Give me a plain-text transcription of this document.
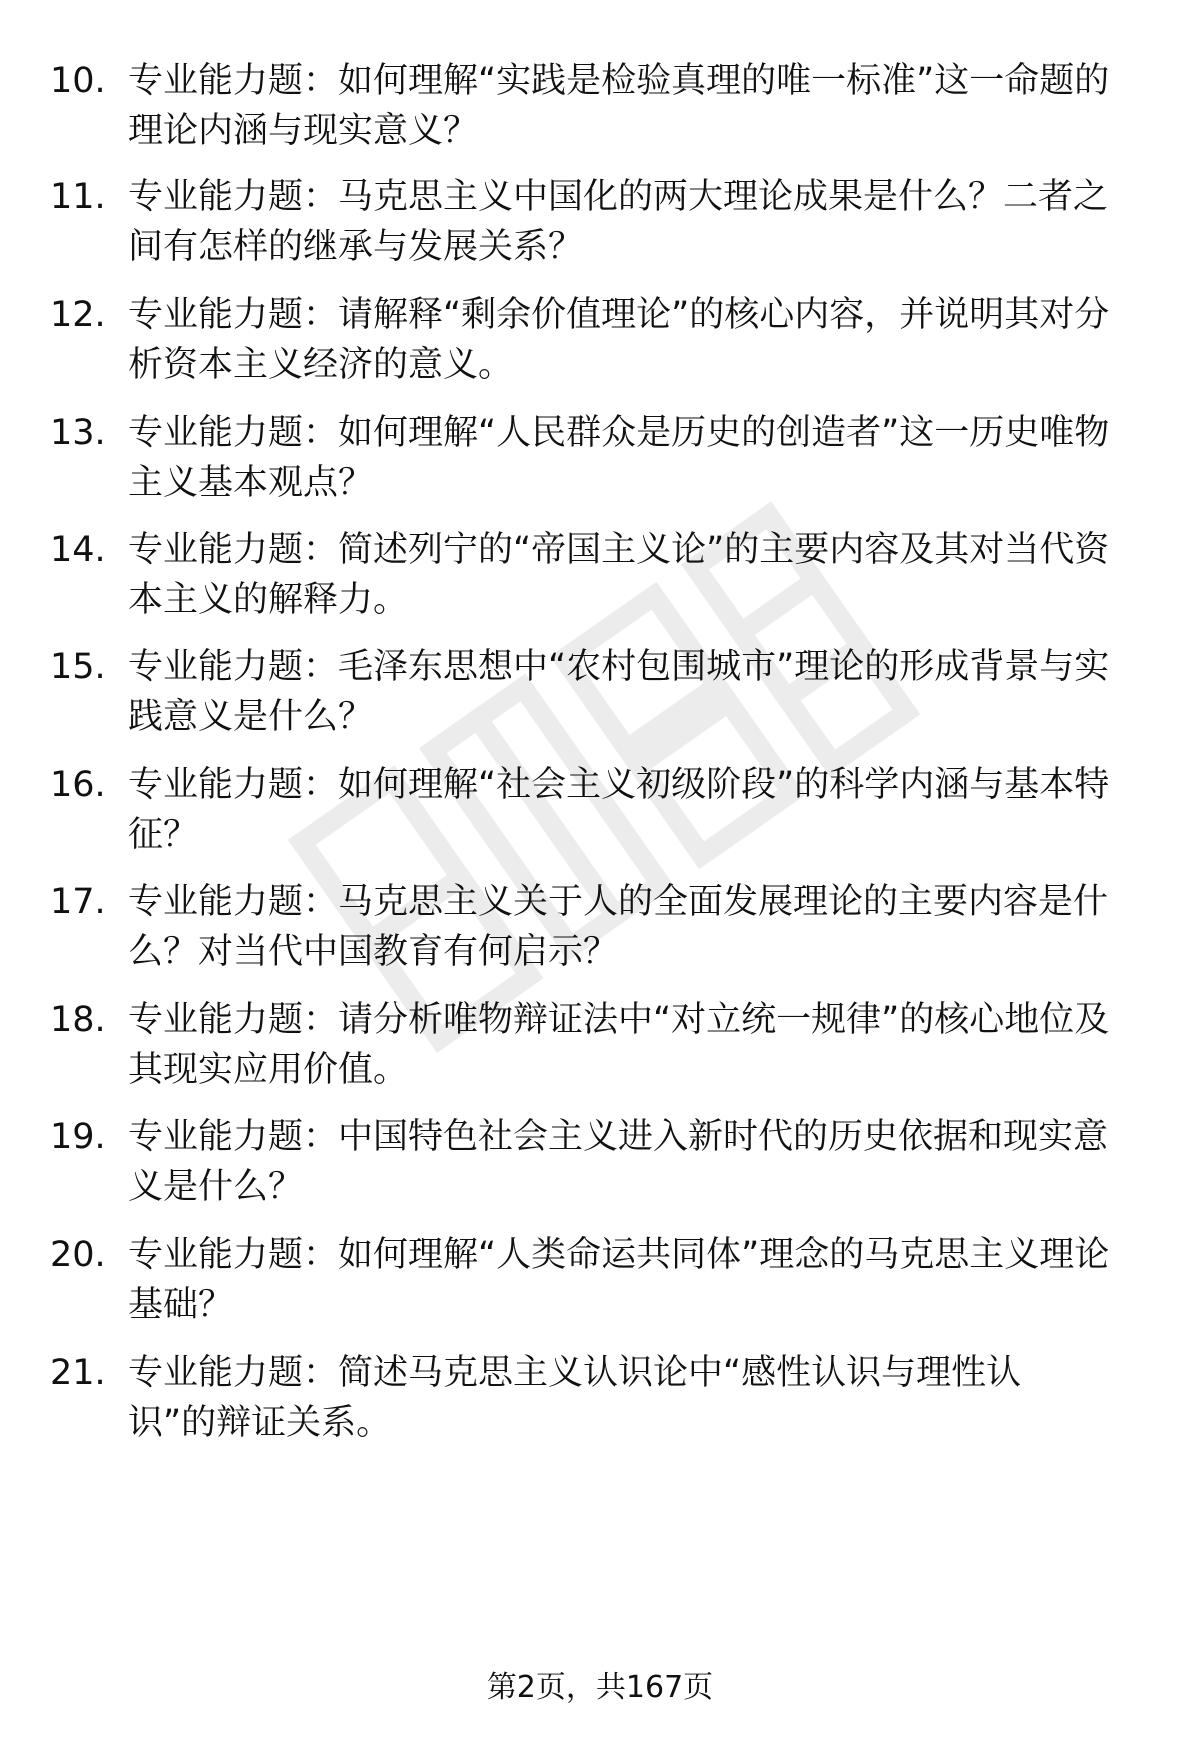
10. 专业能力题：如何理解“实践是检验真理的唯一标准”这一命题的理论内涵与现实意义？
11. 专业能力题：马克思主义中国化的两大理论成果是什么？二者之间有怎样的继承与发展关系？
12. 专业能力题：请解释“剩余价值理论”的核心内容，并说明其对分析资本主义经济的意义。
13. 专业能力题：如何理解“人民群众是历史的创造者”这一历史唯物主义基本观点？
14. 专业能力题：简述列宁的“帝国主义论”的主要内容及其对当代资本主义的解释力。
15. 专业能力题：毛泽东思想中“农村包围城市”理论的形成背景与实践意义是什么？
16. 专业能力题：如何理解“社会主义初级阶段”的科学内涵与基本特征？
17. 专业能力题：马克思主义关于人的全面发展理论的主要内容是什么？对当代中国教育有何启示？
18. 专业能力题：请分析唯物辩证法中“对立统一规律”的核心地位及其现实应用价值。
19. 专业能力题：中国特色社会主义进入新时代的历史依据和现实意义是什么？
20. 专业能力题：如何理解“人类命运共同体”理念的马克思主义理论基础？
21. 专业能力题：简述马克思主义认识论中“感性认识与理性认识”的辩证关系。
第2页，共167页
